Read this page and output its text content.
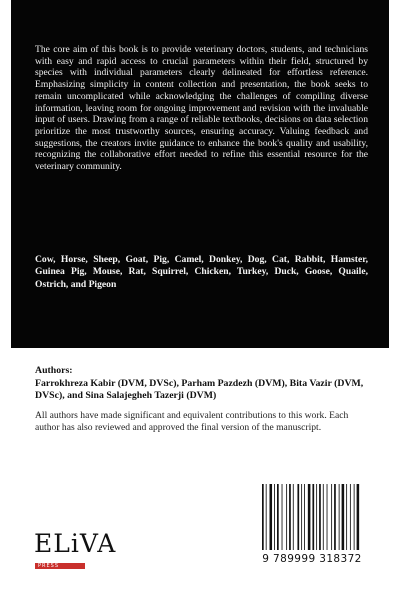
The core aim of this book is to provide veterinary doctors, students, and technicians with easy and rapid access to crucial parameters within their field, structured by species with individual parameters clearly delineated for effortless reference. Emphasizing simplicity in content collection and presentation, the book seeks to remain uncomplicated while acknowledging the challenges of compiling diverse information, leaving room for ongoing improvement and revision with the invaluable input of users. Drawing from a range of reliable textbooks, decisions on data selection prioritize the most trustworthy sources, ensuring accuracy. Valuing feedback and suggestions, the creators invite guidance to enhance the book's quality and usability, recognizing the collaborative effort needed to refine this essential resource for the veterinary community.

Cow, Horse, Sheep, Goat, Pig, Camel, Donkey, Dog, Cat, Rabbit, Hamster, Guinea Pig, Mouse, Rat, Squirrel, Chicken, Turkey, Duck, Goose, Quaile, Ostrich, and Pigeon

Authors:

Farrokhreza Kabir (DVM, DVSc), Parham Pazdezh (DVM), Bita Vazir (DVM, DVSc), and Sina Salajegheh Tazerji (DVM)

All authors have made significant and equivalent contributions to this work. Each author has also reviewed and approved the final version of the manuscript.

ELiVA
PRESS
9 789999 318372
